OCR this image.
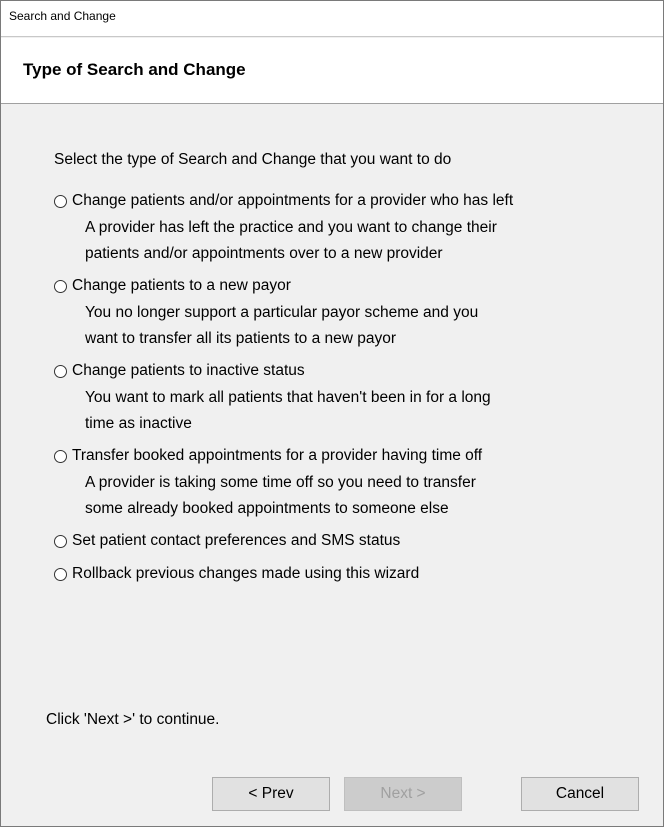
Search and Change
Type of Search and Change
Select the type of Search and Change that you want to do
Change patients and/or appointments for a provider who has left
A provider has left the practice and you want to change their
patients and/or appointments over to a new provider
Change patients to a new payor
You no longer support a particular payor scheme and you
want to transfer all its patients to a new payor
Change patients to inactive status
You want to mark all patients that haven't been in for a long
time as inactive
Transfer booked appointments for a provider having time off
A provider is taking some time off so you need to transfer
some already booked appointments to someone else
Set patient contact preferences and SMS status
Rollback previous changes made using this wizard
Click 'Next >' to continue.
< Prev	Next >	Cancel
